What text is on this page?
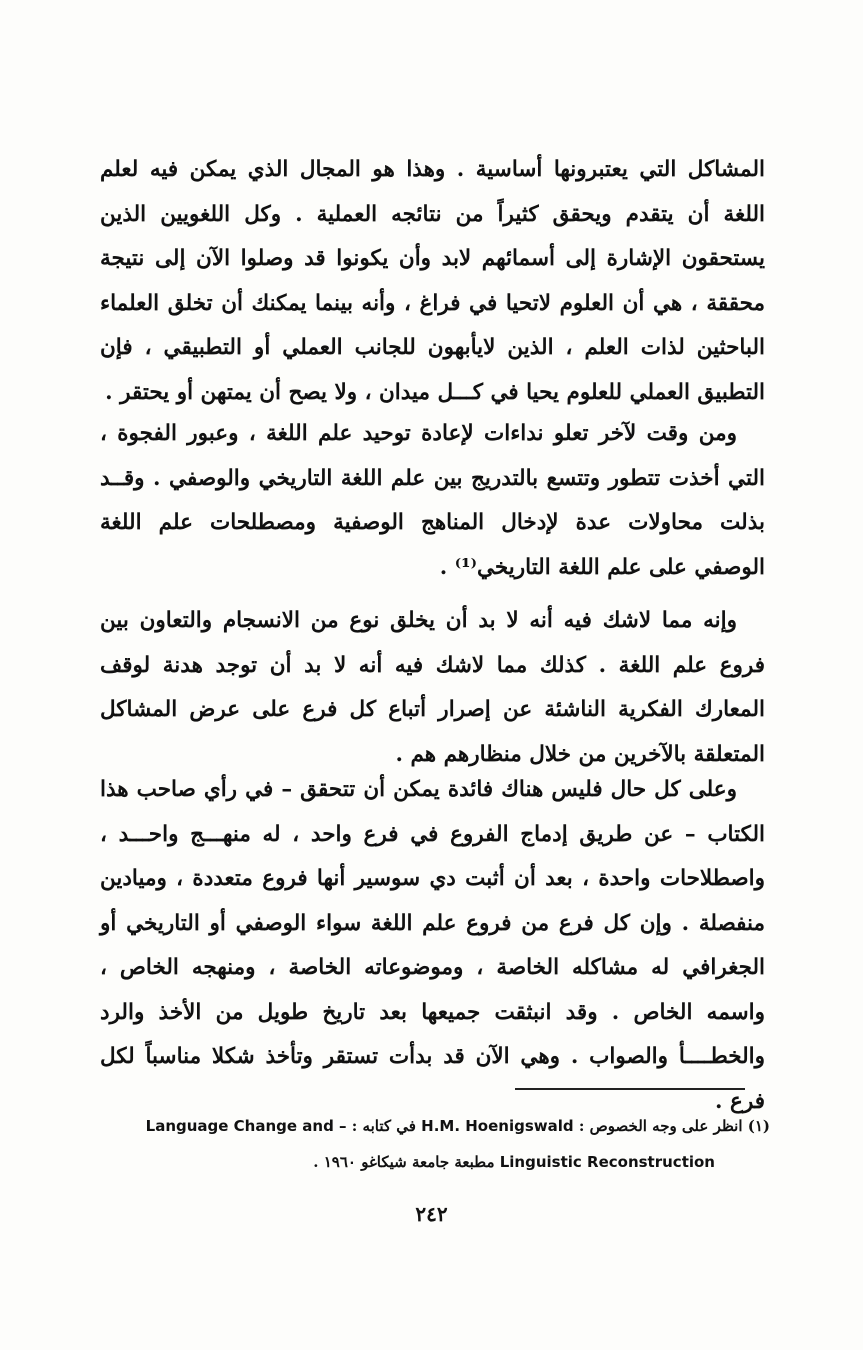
المشاكل التي يعتبرونها أساسية . وهذا هو المجال الذي يمكن فيه لعلم اللغة أن يتقدم ويحقق كثيراً من نتائجه العملية . وكل اللغويين الذين يستحقون الإشارة إلى أسمائهم لابد وأن يكونوا قد وصلوا الآن إلى نتيجة محققة ، هي أن العلوم لاتحيا في فراغ ، وأنه بينما يمكنك أن تخلق العلماء الباحثين لذات العلم ، الذين لايأبهون للجانب العملي أو التطبيقي ، فإن التطبيق العملي للعلوم يحيا في كـــل ميدان ، ولا يصح أن يمتهن أو يحتقر .
ومن وقت لآخر تعلو نداءات لإعادة توحيد علم اللغة ، وعبور الفجوة ، التي أخذت تتطور وتتسع بالتدريج بين علم اللغة التاريخي والوصفي . وقــد بذلت محاولات عدة لإدخال المناهج الوصفية ومصطلحات علم اللغة الوصفي على علم اللغة التاريخي⁽¹⁾ .
وإنه مما لاشك فيه أنه لا بد أن يخلق نوع من الانسجام والتعاون بين فروع علم اللغة . كذلك مما لاشك فيه أنه لا بد أن توجد هدنة لوقف المعارك الفكرية الناشئة عن إصرار أتباع كل فرع على عرض المشاكل المتعلقة بالآخرين من خلال منظارهم هم .
وعلى كل حال فليس هناك فائدة يمكن أن تتحقق – في رأي صاحب هذا الكتاب – عن طريق إدماج الفروع في فرع واحد ، له منهـــج واحـــد ، واصطلاحات واحدة ، بعد أن أثبت دي سوسير أنها فروع متعددة ، وميادين منفصلة . وإن كل فرع من فروع علم اللغة سواء الوصفي أو التاريخي أو الجغرافي له مشاكله الخاصة ، وموضوعاته الخاصة ، ومنهجه الخاص ، واسمه الخاص . وقد انبثقت جميعها بعد تاريخ طويل من الأخذ والرد والخطــــأ والصواب . وهي الآن قد بدأت تستقر وتأخذ شكلا مناسباً لكل فرع .
(١) انظر على وجه الخصوص : H.M. Hoenigswald في كتابه : Language Change and –
Linguistic Reconstruction مطبعة جامعة شيكاغو ١٩٦٠ .
٢٤٢
